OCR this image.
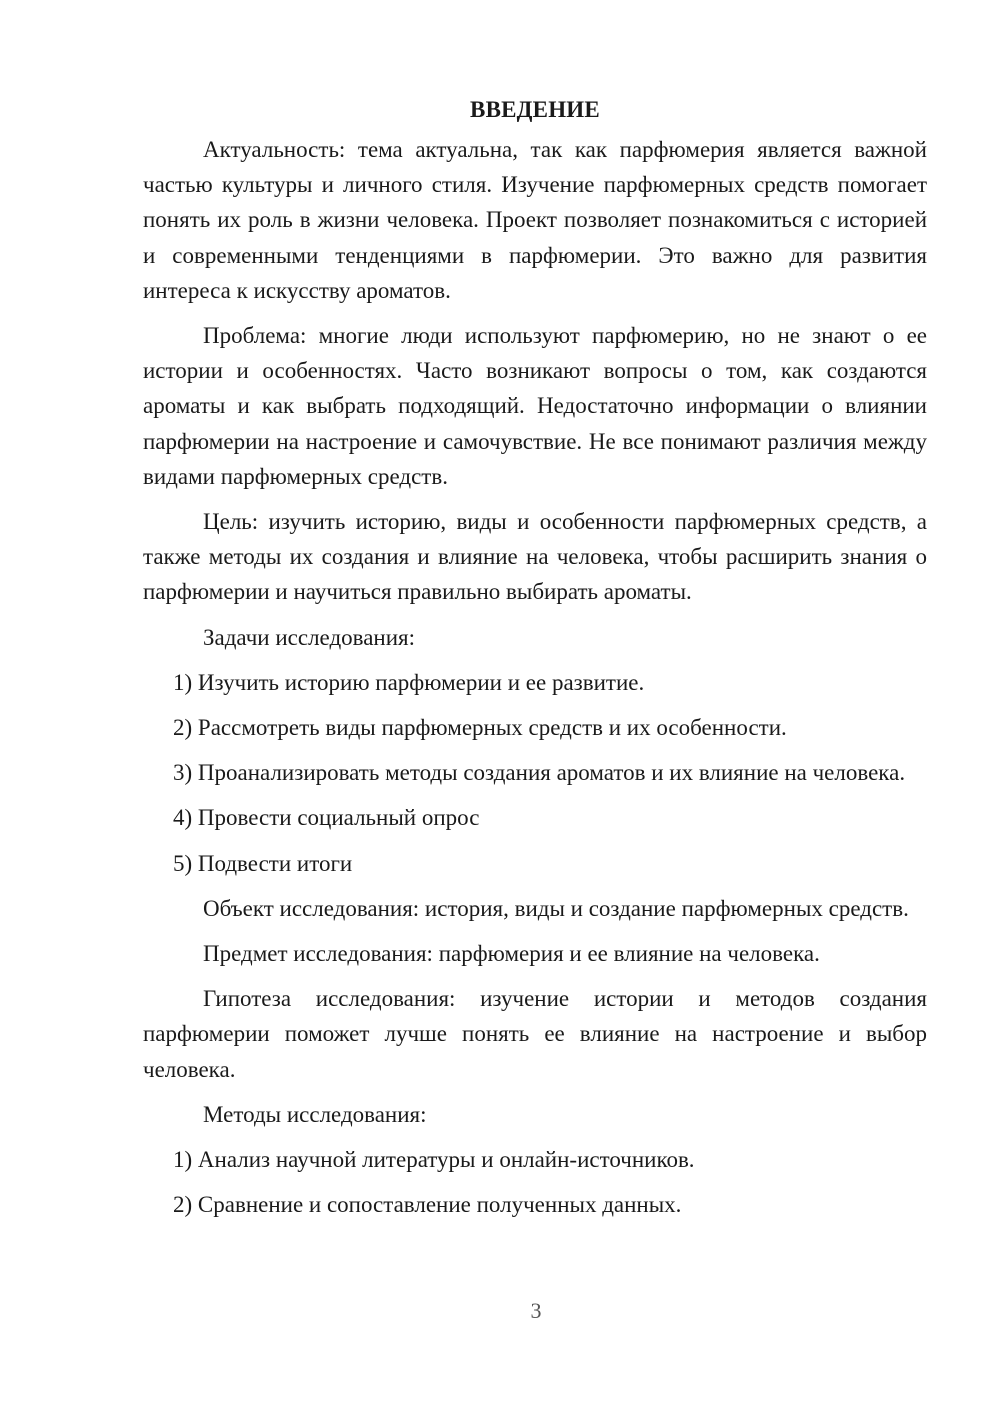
ВВЕДЕНИЕ

Актуальность: тема актуальна, так как парфюмерия является важной частью культуры и личного стиля. Изучение парфюмерных средств помогает понять их роль в жизни человека. Проект позволяет познакомиться с историей и современными тенденциями в парфюмерии. Это важно для развития интереса к искусству ароматов.

Проблема: многие люди используют парфюмерию, но не знают о ее истории и особенностях. Часто возникают вопросы о том, как создаются ароматы и как выбрать подходящий. Недостаточно информации о влиянии парфюмерии на настроение и самочувствие. Не все понимают различия между видами парфюмерных средств.

Цель: изучить историю, виды и особенности парфюмерных средств, а также методы их создания и влияние на человека, чтобы расширить знания о парфюмерии и научиться правильно выбирать ароматы.

Задачи исследования:

1) Изучить историю парфюмерии и ее развитие.

2) Рассмотреть виды парфюмерных средств и их особенности.

3) Проанализировать методы создания ароматов и их влияние на человека.

4) Провести социальный опрос

5) Подвести итоги

Объект исследования: история, виды и создание парфюмерных средств.

Предмет исследования: парфюмерия и ее влияние на человека.

Гипотеза исследования: изучение истории и методов создания парфюмерии поможет лучше понять ее влияние на настроение и выбор человека.

Методы исследования:

1) Анализ научной литературы и онлайн-источников.

2) Сравнение и сопоставление полученных данных.

3
